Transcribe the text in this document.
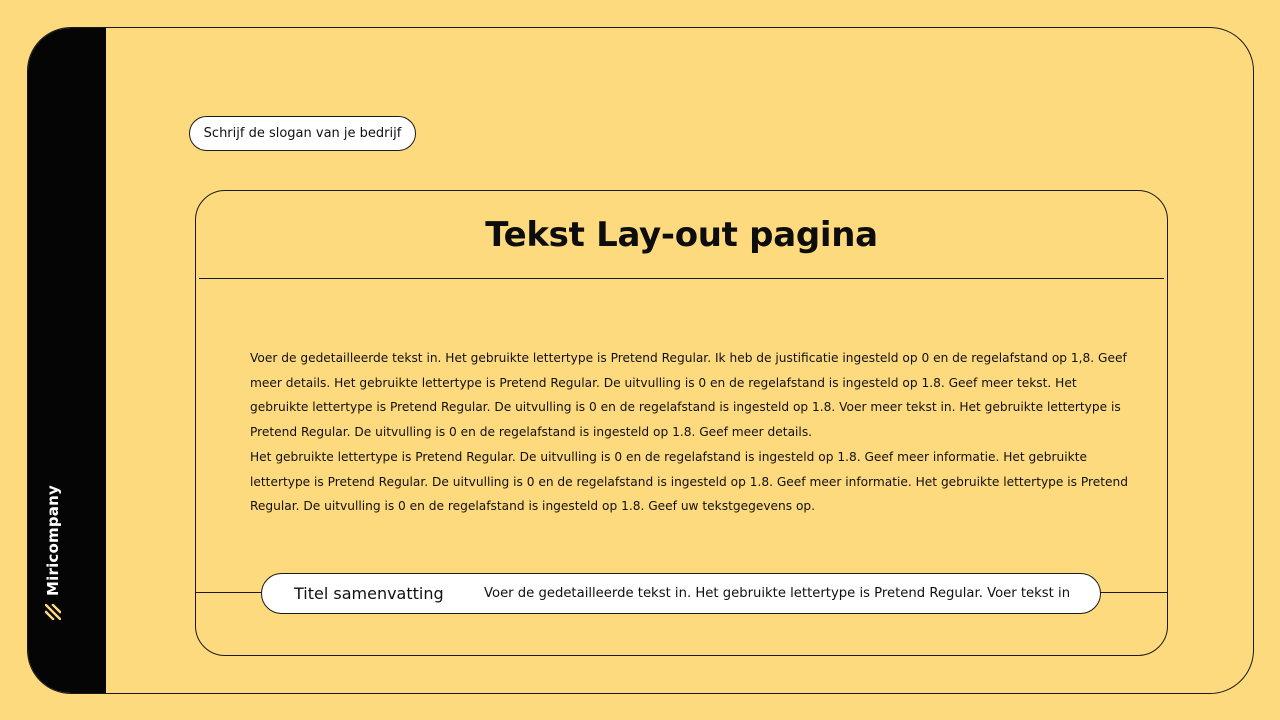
Miricompany
Schrijf de slogan van je bedrijf
Tekst Lay-out pagina

Voer de gedetailleerde tekst in. Het gebruikte lettertype is Pretend Regular. Ik heb de justificatie ingesteld op 0 en de regelafstand op 1,8. Geef meer details. Het gebruikte lettertype is Pretend Regular. De uitvulling is 0 en de regelafstand is ingesteld op 1.8. Geef meer tekst. Het gebruikte lettertype is Pretend Regular. De uitvulling is 0 en de regelafstand is ingesteld op 1.8. Voer meer tekst in. Het gebruikte lettertype is Pretend Regular. De uitvulling is 0 en de regelafstand is ingesteld op 1.8. Geef meer details.

Het gebruikte lettertype is Pretend Regular. De uitvulling is 0 en de regelafstand is ingesteld op 1.8. Geef meer informatie. Het gebruikte lettertype is Pretend Regular. De uitvulling is 0 en de regelafstand is ingesteld op 1.8. Geef meer informatie. Het gebruikte lettertype is Pretend Regular. De uitvulling is 0 en de regelafstand is ingesteld op 1.8. Geef uw tekstgegevens op.

Titel samenvatting	Voer de gedetailleerde tekst in. Het gebruikte lettertype is Pretend Regular. Voer tekst in
